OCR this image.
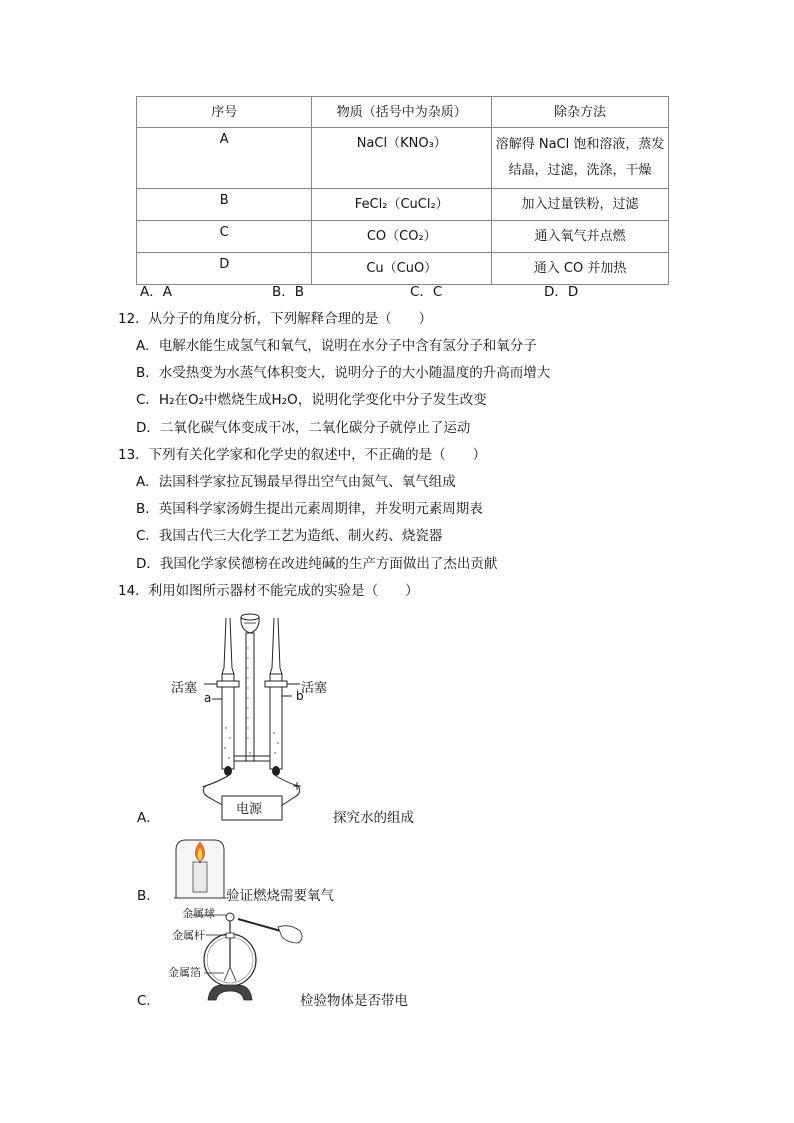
序号	物质（括号中为杂质）	除杂方法
A	NaCl（KNO₃）	溶解得 NaCl 饱和溶液，蒸发结晶，过滤，洗涤，干燥
B	FeCl₂（CuCl₂）	加入过量铁粉，过滤
C	CO（CO₂）	通入氧气并点燃
D	Cu（CuO）	通入 CO 并加热
A．A	B．B	C．C	D．D
12．从分子的角度分析，下列解释合理的是（　　）
A．电解水能生成氢气和氧气，说明在水分子中含有氢分子和氧分子
B．水受热变为水蒸气体积变大，说明分子的大小随温度的升高而增大
C．H₂在O₂中燃烧生成H₂O，说明化学变化中分子发生改变
D．二氧化碳气体变成干冰，二氧化碳分子就停止了运动
13．下列有关化学家和化学史的叙述中，不正确的是（　　）
A．法国科学家拉瓦锡最早得出空气由氮气、氧气组成
B．英国科学家汤姆生提出元素周期律，并发明元素周期表
C．我国古代三大化学工艺为造纸、制火药、烧瓷器
D．我国化学家侯德榜在改进纯碱的生产方面做出了杰出贡献
14．利用如图所示器材不能完成的实验是（　　）
活塞	活塞
a	b
-	+
电源
A．	探究水的组成
B．	验证燃烧需要氧气
金属球
金属杆
金属箔
C．	检验物体是否带电
